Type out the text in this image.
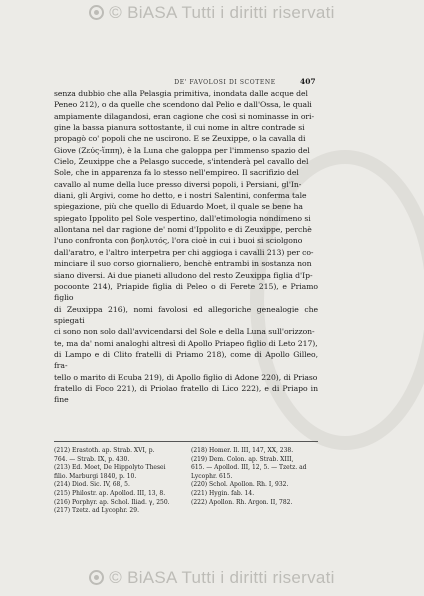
© BiASA Tutti i diritti riservati
DE' FAVOLOSI DI SCOTENE	407

senza dubbio che alla Pelasgia primitiva, inondata dalle acque del
Peneo 212), o da quelle che scendono dal Pelio e dall'Ossa, le quali
ampiamente dilagandosi, eran cagione che così si nominasse in ori-
gine la bassa pianura sottostante, il cui nome in altre contrade si
propagò co' popoli che ne uscirono. E se Zeuxippe, o la cavalla di
Giove (Ζεύς-ἵππη), è la Luna che galoppa per l'immenso spazio del
Cielo, Zeuxippe che a Pelasgo succede, s'intenderà pel cavallo del
Sole, che in apparenza fa lo stesso nell'empireo. Il sacrifizio del
cavallo al nume della luce presso diversi popoli, i Persiani, gl'In-
diani, gli Argivi, come ho detto, e i nostri Salentini, conferma tale
spiegazione, più che quello di Eduardo Moet, il quale se bene ha
spiegato Ippolito pel Sole vespertino, dall'etimologia nondimeno si
allontana nel dar ragione de' nomi d'Ippolito e di Zeuxippe, perchè
l'uno confronta con βοηλυτός, l'ora cioè in cui i buoi si sciolgono
dall'aratro, e l'altro interpetra per chi aggioga i cavalli 213) per co-
minciare il suo corso giornaliero, benchè entrambi in sostanza non
siano diversi. Ai due pianeti alludono del resto Zeuxippa figlia d'Ip-
pocoonte 214), Priapide figlia di Peleo o di Ferete 215), e Priamo figlio
di Zeuxippa 216), nomi favolosi ed allegoriche genealogie che spiegati
ci sono non solo dall'avvicendarsi del Sole e della Luna sull'orizzon-
te, ma da' nomi analoghi altresì di Apollo Priapeo figlio di Leto 217),
di Lampo e di Clito fratelli di Priamo 218), come di Apollo Gilleo, fra-
tello o marito di Ecuba 219), di Apollo figlio di Adone 220), di Priaso
fratello di Foco 221), di Priolao fratello di Lico 222), e di Priapo in fine

(212) Erastoth. ap. Strab. XVI, p.
764. — Strab. IX, p. 430.
(213) Ed. Moet, De Hippolyto Thesei
filio. Marburgi 1840, p. 10.
(214) Diod. Sic. IV, 68, 5.
(215) Philostr. ap. Apollod. III, 13, 8.
(216) Porphyr. ap. Schol. Iliad. γ, 250.
(217) Tzetz. ad Lycophr. 29.
(218) Homer. Il. III, 147, XX, 238.
(219) Dem. Colon. ap. Strab. XIII,
615. — Apollod. III, 12, 5. — Tzetz. ad
Lycophr. 615.
(220) Schol. Apollon. Rh. I, 932.
(221) Hygin. fab. 14.
(222) Apollon. Rh. Argon. II, 782.
© BiASA Tutti i diritti riservati
